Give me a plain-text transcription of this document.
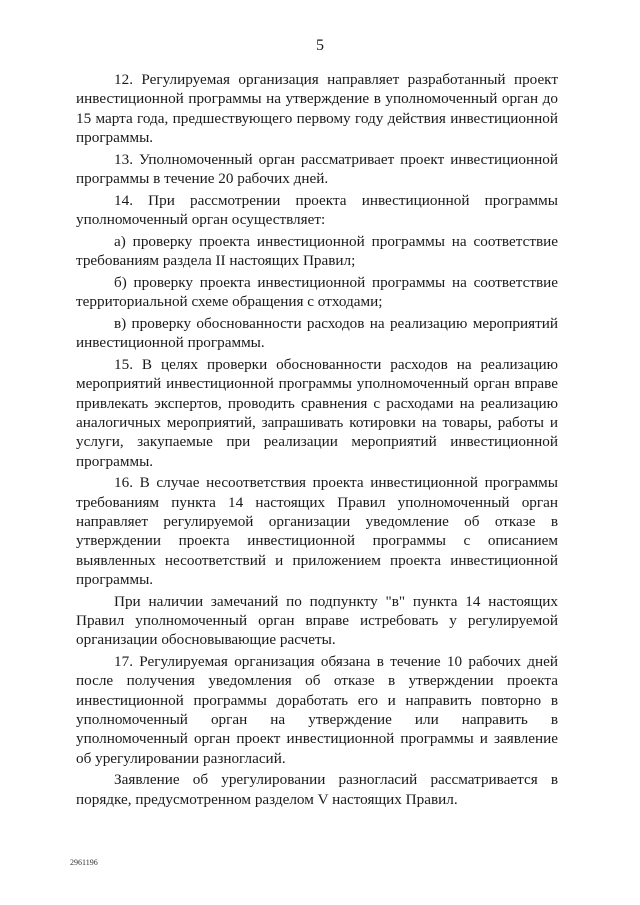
5

12. Регулируемая организация направляет разработанный проект инвестиционной программы на утверждение в уполномоченный орган до 15 марта года, предшествующего первому году действия инвестиционной программы.

13. Уполномоченный орган рассматривает проект инвестиционной программы в течение 20 рабочих дней.

14. При рассмотрении проекта инвестиционной программы уполномоченный орган осуществляет:

а) проверку проекта инвестиционной программы на соответствие требованиям раздела II настоящих Правил;

б) проверку проекта инвестиционной программы на соответствие территориальной схеме обращения с отходами;

в) проверку обоснованности расходов на реализацию мероприятий инвестиционной программы.

15. В целях проверки обоснованности расходов на реализацию мероприятий инвестиционной программы уполномоченный орган вправе привлекать экспертов, проводить сравнения с расходами на реализацию аналогичных мероприятий, запрашивать котировки на товары, работы и услуги, закупаемые при реализации мероприятий инвестиционной программы.

16. В случае несоответствия проекта инвестиционной программы требованиям пункта 14 настоящих Правил уполномоченный орган направляет регулируемой организации уведомление об отказе в утверждении проекта инвестиционной программы с описанием выявленных несоответствий и приложением проекта инвестиционной программы.

При наличии замечаний по подпункту "в" пункта 14 настоящих Правил уполномоченный орган вправе истребовать у регулируемой организации обосновывающие расчеты.

17. Регулируемая организация обязана в течение 10 рабочих дней после получения уведомления об отказе в утверждении проекта инвестиционной программы доработать его и направить повторно в уполномоченный орган на утверждение или направить в уполномоченный орган проект инвестиционной программы и заявление об урегулировании разногласий.

Заявление об урегулировании разногласий рассматривается в порядке, предусмотренном разделом V настоящих Правил.

2961196
